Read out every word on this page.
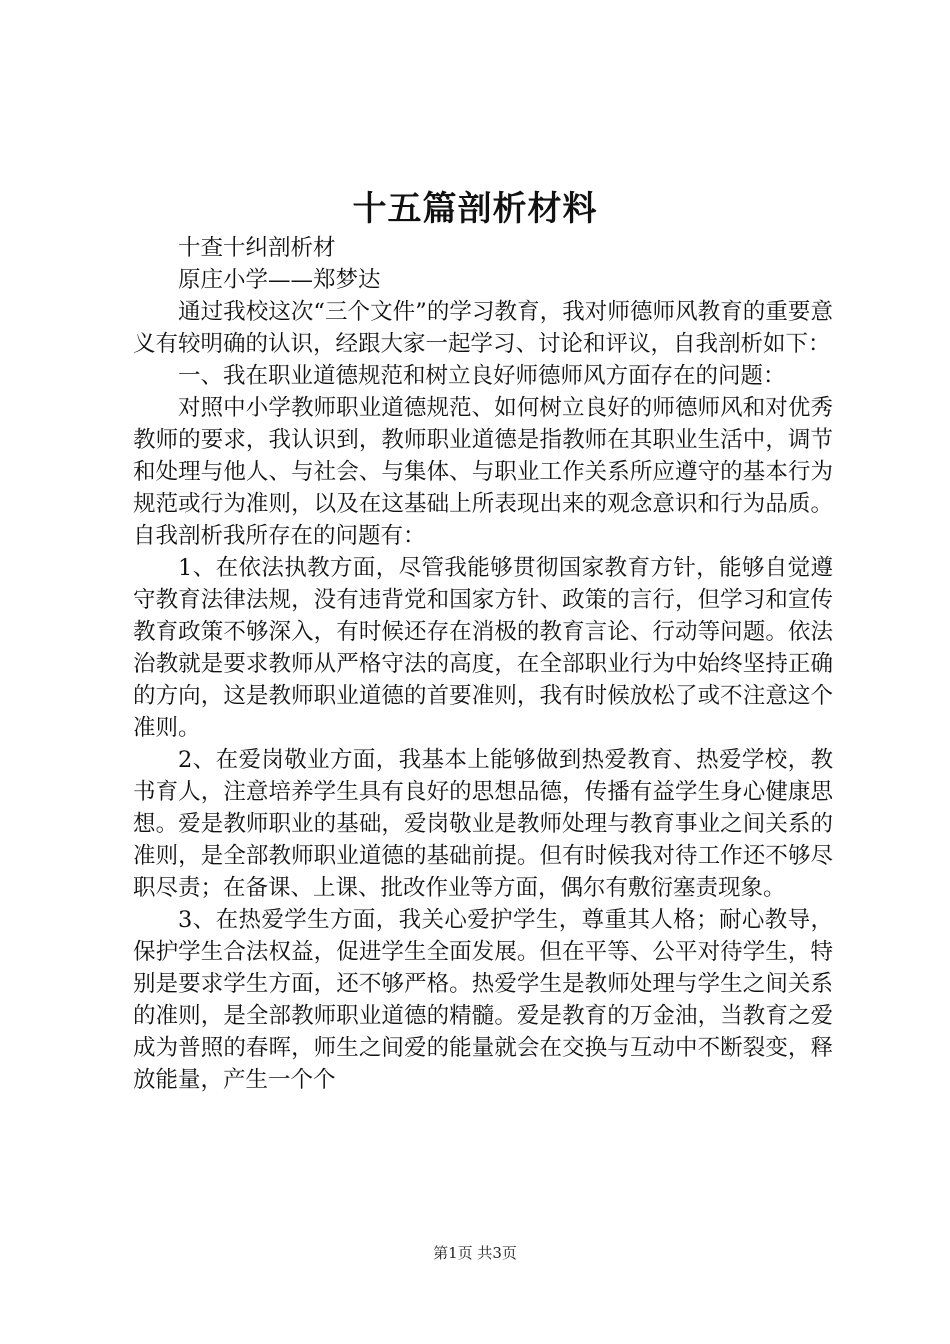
十五篇剖析材料

十查十纠剖析材

原庄小学——郑梦达

通过我校这次“三个文件”的学习教育，我对师德师风教育的重要意义有较明确的认识，经跟大家一起学习、讨论和评议，自我剖析如下：

一、我在职业道德规范和树立良好师德师风方面存在的问题：

对照中小学教师职业道德规范、如何树立良好的师德师风和对优秀教师的要求，我认识到，教师职业道德是指教师在其职业生活中，调节和处理与他人、与社会、与集体、与职业工作关系所应遵守的基本行为规范或行为准则，以及在这基础上所表现出来的观念意识和行为品质。自我剖析我所存在的问题有：

1、在依法执教方面，尽管我能够贯彻国家教育方针，能够自觉遵守教育法律法规，没有违背党和国家方针、政策的言行，但学习和宣传教育政策不够深入，有时候还存在消极的教育言论、行动等问题。依法治教就是要求教师从严格守法的高度，在全部职业行为中始终坚持正确的方向，这是教师职业道德的首要准则，我有时候放松了或不注意这个准则。

2、在爱岗敬业方面，我基本上能够做到热爱教育、热爱学校，教书育人，注意培养学生具有良好的思想品德，传播有益学生身心健康思想。爱是教师职业的基础，爱岗敬业是教师处理与教育事业之间关系的准则，是全部教师职业道德的基础前提。但有时候我对待工作还不够尽职尽责；在备课、上课、批改作业等方面，偶尔有敷衍塞责现象。

3、在热爱学生方面，我关心爱护学生，尊重其人格；耐心教导，保护学生合法权益，促进学生全面发展。但在平等、公平对待学生，特别是要求学生方面，还不够严格。热爱学生是教师处理与学生之间关系的准则，是全部教师职业道德的精髓。爱是教育的万金油，当教育之爱成为普照的春晖，师生之间爱的能量就会在交换与互动中不断裂变，释放能量，产生一个个

第1页 共3页
